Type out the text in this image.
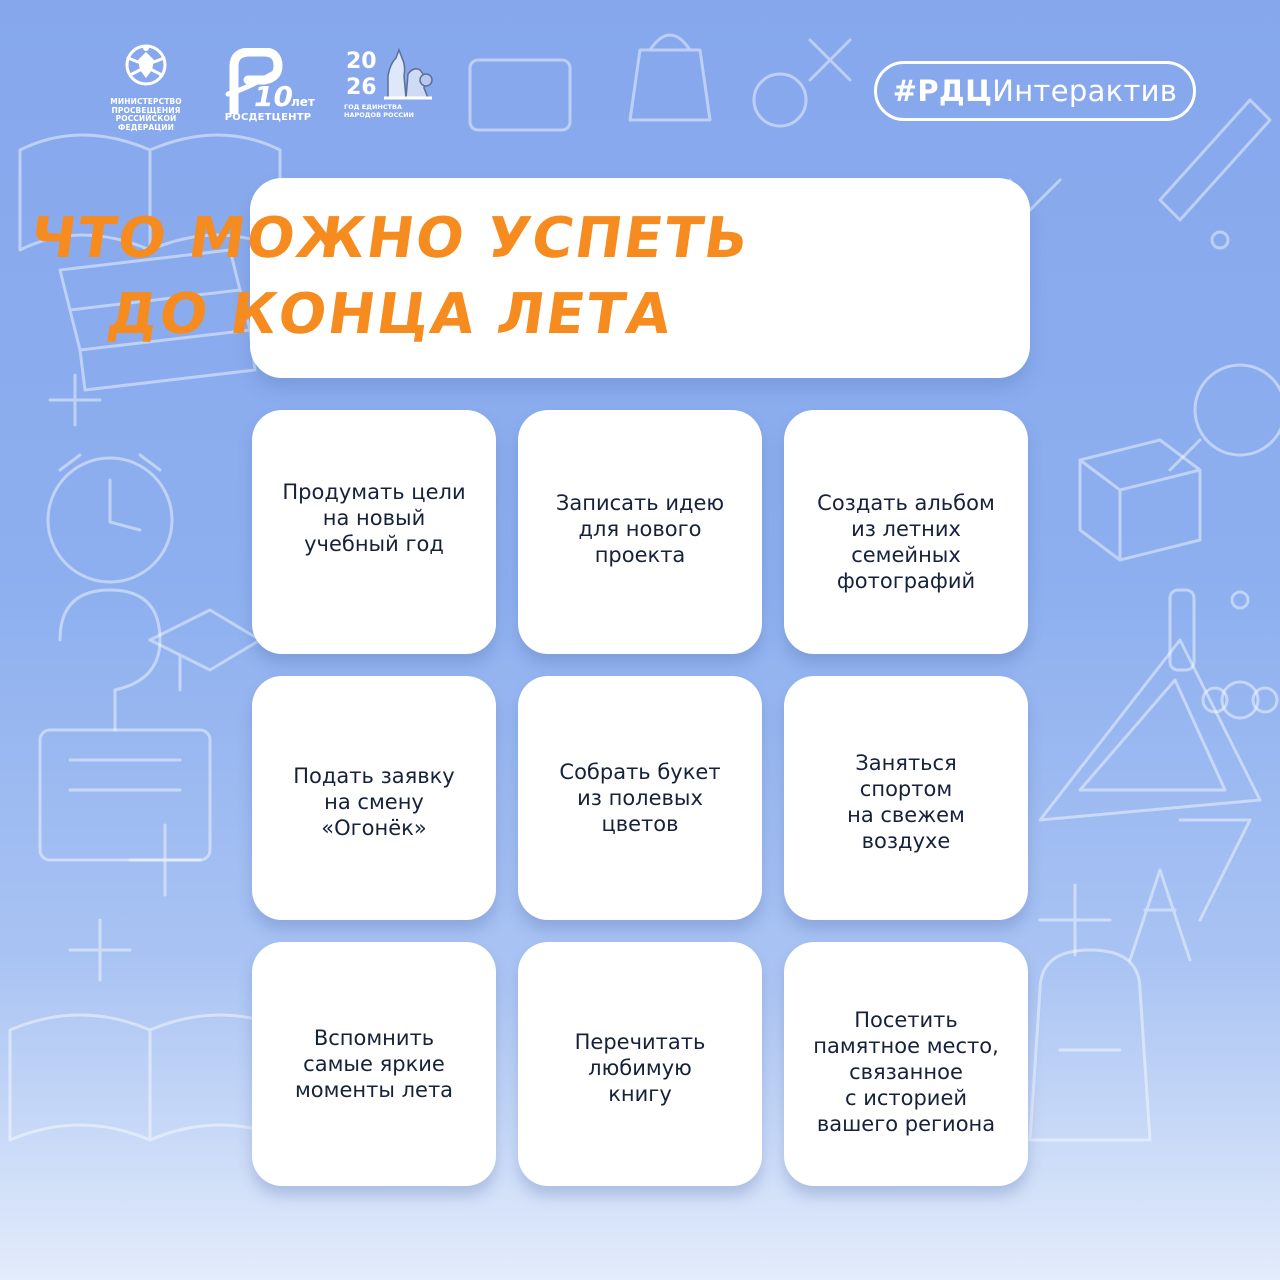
МИНИСТЕРСТВО
ПРОСВЕЩЕНИЯ
РОССИЙСКОЙ
ФЕДЕРАЦИИ
10
лет
РОСДЕТЦЕНТР
20
26
ГОД ЕДИНСТВА
НАРОДОВ РОССИИ
#РДЦИнтерактив
ЧТО МОЖНО УСПЕТЬ
ДО КОНЦА ЛЕТА
Продумать цели
на новый
учебный год
Записать идею
для нового
проекта
Создать альбом
из летних
семейных
фотографий
Подать заявку
на смену
«Огонёк»
Собрать букет
из полевых
цветов
Заняться
спортом
на свежем
воздухе
Вспомнить
самые яркие
моменты лета
Перечитать
любимую
книгу
Посетить
памятное место,
связанное
с историей
вашего региона
